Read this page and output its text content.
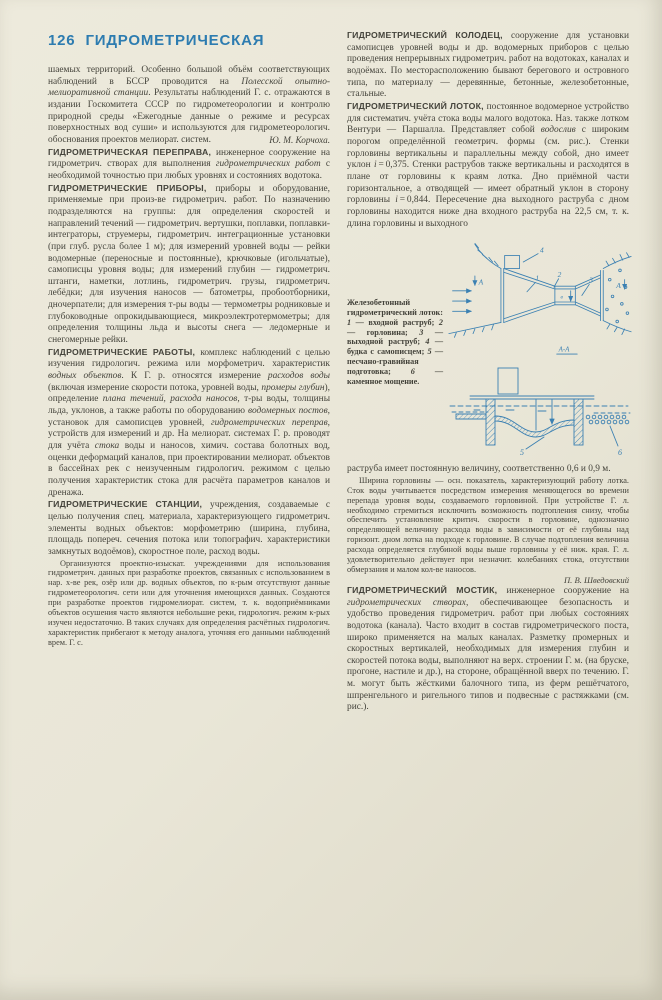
126 ГИДРОМЕТРИЧЕСКАЯ

шаемых территорий. Особенно большой объём соответствующих наблюдений в БССР проводится на Полесской опытно-мелиоративной станции. Результаты наблюдений Г. с. отражаются в издании Госкомитета СССР по гидрометеорологии и контролю природной среды «Ежегодные данные о режиме и ресурсах поверхностных вод суши» и используются для гидрометеорологич. обоснования проектов мелиорат. систем.	Ю. М. Корчоха.

ГИДРОМЕТРИЧЕСКАЯ ПЕРЕПРАВА, инженерное сооружение на гидрометрич. створах для выполнения гидрометрических работ с необходимой точностью при любых уровнях и состояниях водотока.

ГИДРОМЕТРИЧЕСКИЕ ПРИБОРЫ, приборы и оборудование, применяемые при произ-ве гидрометрич. работ. По назначению подразделяются на группы: для определения скоростей и направлений течений — гидрометрич. вертушки, поплавки, поплавки-интеграторы, струемеры, гидрометрич. интеграционные установки (при глуб. русла более 1 м); для измерений уровней воды — рейки водомерные (переносные и постоянные), крючковые (игольчатые), самописцы уровня воды; для измерений глубин — гидрометрич. штанги, наметки, лотлинь, гидрометрич. грузы, гидрометрич. лебёдки; для изучения наносов — батометры, пробоотборники, дночерпатели; для измерения т-ры воды — термометры родниковые и глубоководные опрокидывающиеся, микроэлектротермометры; для определения толщины льда и высоты снега — ледомерные и снегомерные рейки.

ГИДРОМЕТРИЧЕСКИЕ РАБОТЫ, комплекс наблюдений с целью изучения гидрологич. режима или морфометрич. характеристик водных объектов. К Г. р. относятся измерение расходов воды (включая измерение скорости потока, уровней воды, промеры глубин), определение плана течений, расхода наносов, т-ры воды, толщины льда, уклонов, а также работы по оборудованию водомерных постов, установок для самописцев уровней, гидрометрических переправ, устройств для измерений и др. На мелиорат. системах Г. р. проводят для учёта стока воды и наносов, химич. состава болотных вод, оценки деформаций каналов, при проектировании мелиорат. объектов в бассейнах рек с неизученным гидрологич. режимом с целью получения характеристик стока для расчёта параметров каналов и дренажа.

ГИДРОМЕТРИЧЕСКИЕ СТАНЦИИ, учреждения, создаваемые с целью получения спец. материала, характеризующего гидрометрич. элементы водных объектов: морфометрию (ширина, глубина, площадь попереч. сечения потока или топографич. характеристики замкнутых водоёмов), скоростное поле, расход воды.

Организуются проектно-изыскат. учреждениями для использования гидрометрич. данных при разработке проектов, связанных с использованием в нар. х-ве рек, озёр или др. водных объектов, по к-рым отсутствуют данные гидрометеорологич. сети или для уточнения имеющихся данных. Создаются при разработке проектов гидромелиорат. систем, т. к. водоприёмниками объектов осушения часто являются небольшие реки, гидрологич. режим к-рых изучен недостаточно. В таких случаях для определения расчётных гидрологич. характеристик прибегают к методу аналога, уточняя его данными наблюдений врем. Г. с.

ГИДРОМЕТРИЧЕСКИЙ КОЛОДЕЦ, сооружение для установки самописцев уровней воды и др. водомерных приборов с целью проведения непрерывных гидрометрич. работ на водотоках, каналах и водоёмах. По месторасположению бывают берегового и островного типа, по материалу — деревянные, бетонные, железобетонные, стальные.

ГИДРОМЕТРИЧЕСКИЙ ЛОТОК, постоянное водомерное устройство для систематич. учёта стока воды малого водотока. Наз. также лотком Вентури — Паршалла. Представляет собой водослив с широким порогом определённой геометрич. формы (см. рис.). Стенки горловины вертикальны и параллельны между собой, дно имеет уклон i = 0,375. Стенки раструбов также вертикальны и расходятся в плане от горловины к краям лотка. Дно приёмной части горизонтальное, а отводящей — имеет обратный уклон в сторону горловины i = 0,844. Пересечение дна выходного раструба с дном горловины находится ниже дна входного раструба на 22,5 см, т. к. длина горловины и выходного

Железобетонный гидрометрический лоток: 1 — входной раструб; 2 — горловина; 3 — выходной раструб; 4 — будка с самописцем; 5 — песчано-гравийная подготовка; 6 — каменное мощение.
4
1 2
3
A	A
в
А-А
5	6

раструба имеет постоянную величину, соответственно 0,6 и 0,9 м.

Ширина горловины — осн. показатель, характеризующий работу лотка. Сток воды учитывается посредством измерения меняющегося во времени перепада уровня воды, создаваемого горловиной. При устройстве Г. л. необходимо стремиться исключить возможность подтопления снизу, чтобы обеспечить установление критич. скорости в горловине, однозначно определяющей величину расхода воды в зависимости от её глубины над горизонт. дном лотка на подходе к горловине. В случае подтопления величина расхода определяется глубиной воды выше горловины у её ниж. края. Г. л. удовлетворительно действует при незначит. колебаниях стока, отсутствии обмерзания и малом кол-ве наносов.

П. В. Шведовский

ГИДРОМЕТРИЧЕСКИЙ МОСТИК, инженерное сооружение на гидрометрических створах, обеспечивающее безопасность и удобство проведения гидрометрич. работ при любых состояниях водотока (канала). Часто входит в состав гидрометрического поста, широко применяется на малых каналах. Разметку промерных и скоростных вертикалей, необходимых для измерения глубин и скоростей потока воды, выполняют на верх. строении Г. м. (на бруске, прогоне, настиле и др.), на стороне, обращённой вверх по течению. Г. м. могут быть жёсткими балочного типа, из ферм решётчатого, шпренгельного и ригельного типов и подвесные с растяжками (см. рис.).
